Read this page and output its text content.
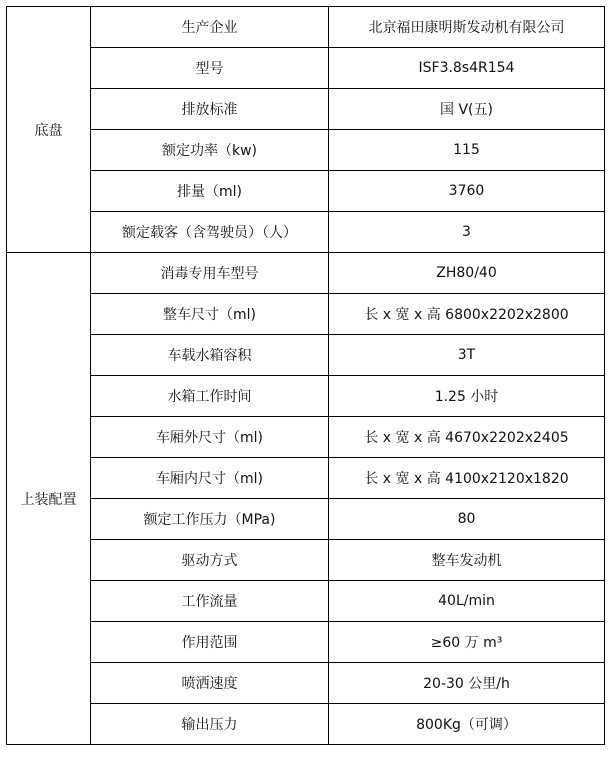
底盘	生产企业	北京福田康明斯发动机有限公司
	型号	ISF3.8s4R154
	排放标准	国 V(五)
	额定功率（kw)	115
	排量（ml)	3760
	额定载客（含驾驶员）（人）	3
上装配置	消毒专用车型号	ZH80/40
	整车尺寸（ml)	长 x 宽 x 高 6800x2202x2800
	车载水箱容积	3T
	水箱工作时间	1.25 小时
	车厢外尺寸（ml)	长 x 宽 x 高 4670x2202x2405
	车厢内尺寸（ml)	长 x 宽 x 高 4100x2120x1820
	额定工作压力（MPa)	80
	驱动方式	整车发动机
	工作流量	40L/min
	作用范围	≥60 万 m³
	喷洒速度	20-30 公里/h
	输出压力	800Kg（可调）
